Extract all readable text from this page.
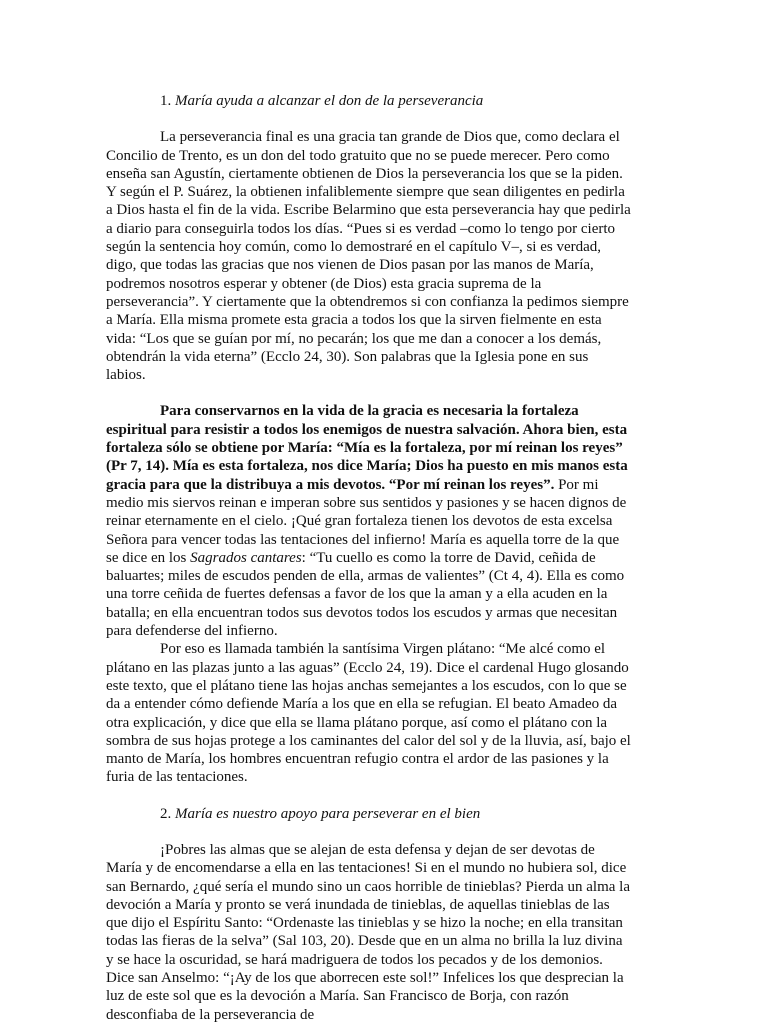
1. María ayuda a alcanzar el don de la perseverancia

La perseverancia final es una gracia tan grande de Dios que, como declara el Concilio de Trento, es un don del todo gratuito que no se puede merecer. Pero como enseña san Agustín, ciertamente obtienen de Dios la perseverancia los que se la piden. Y según el P. Suárez, la obtienen infaliblemente siempre que sean diligentes en pedirla a Dios hasta el fin de la vida. Escribe Belarmino que esta perseverancia hay que pedirla a diario para conseguirla todos los días. “Pues si es verdad –como lo tengo por cierto según la sentencia hoy común, como lo demostraré en el capítulo V–, si es verdad, digo, que todas las gracias que nos vienen de Dios pasan por las manos de María, podremos nosotros esperar y obtener (de Dios) esta gracia suprema de la perseverancia”. Y ciertamente que la obtendremos si con confianza la pedimos siempre a María. Ella misma promete esta gracia a todos los que la sirven fielmente en esta vida: “Los que se guían por mí, no pecarán; los que me dan a conocer a los demás, obtendrán la vida eterna” (Ecclo 24, 30). Son palabras que la Iglesia pone en sus labios.

Para conservarnos en la vida de la gracia es necesaria la fortaleza espiritual para resistir a todos los enemigos de nuestra salvación. Ahora bien, esta fortaleza sólo se obtiene por María: “Mía es la fortaleza, por mí reinan los reyes” (Pr 7, 14). Mía es esta fortaleza, nos dice María; Dios ha puesto en mis manos esta gracia para que la distribuya a mis devotos. “Por mí reinan los reyes”. Por mi medio mis siervos reinan e imperan sobre sus sentidos y pasiones y se hacen dignos de reinar eternamente en el cielo. ¡Qué gran fortaleza tienen los devotos de esta excelsa Señora para vencer todas las tentaciones del infierno! María es aquella torre de la que se dice en los Sagrados cantares: “Tu cuello es como la torre de David, ceñida de baluartes; miles de escudos penden de ella, armas de valientes” (Ct 4, 4). Ella es como una torre ceñida de fuertes defensas a favor de los que la aman y a ella acuden en la batalla; en ella encuentran todos sus devotos todos los escudos y armas que necesitan para defenderse del infierno.

Por eso es llamada también la santísima Virgen plátano: “Me alcé como el plátano en las plazas junto a las aguas” (Ecclo 24, 19). Dice el cardenal Hugo glosando este texto, que el plátano tiene las hojas anchas semejantes a los escudos, con lo que se da a entender cómo defiende María a los que en ella se refugian. El beato Amadeo da otra explicación, y dice que ella se llama plátano porque, así como el plátano con la sombra de sus hojas protege a los caminantes del calor del sol y de la lluvia, así, bajo el manto de María, los hombres encuentran refugio contra el ardor de las pasiones y la furia de las tentaciones.

2. María es nuestro apoyo para perseverar en el bien

¡Pobres las almas que se alejan de esta defensa y dejan de ser devotas de María y de encomendarse a ella en las tentaciones! Si en el mundo no hubiera sol, dice san Bernardo, ¿qué sería el mundo sino un caos horrible de tinieblas? Pierda un alma la devoción a María y pronto se verá inundada de tinieblas, de aquellas tinieblas de las que dijo el Espíritu Santo: “Ordenaste las tinieblas y se hizo la noche; en ella transitan todas las fieras de la selva” (Sal 103, 20). Desde que en un alma no brilla la luz divina y se hace la oscuridad, se hará madriguera de todos los pecados y de los demonios. Dice san Anselmo: “¡Ay de los que aborrecen este sol!” Infelices los que desprecian la luz de este sol que es la devoción a María. San Francisco de Borja, con razón desconfiaba de la perseverancia de
